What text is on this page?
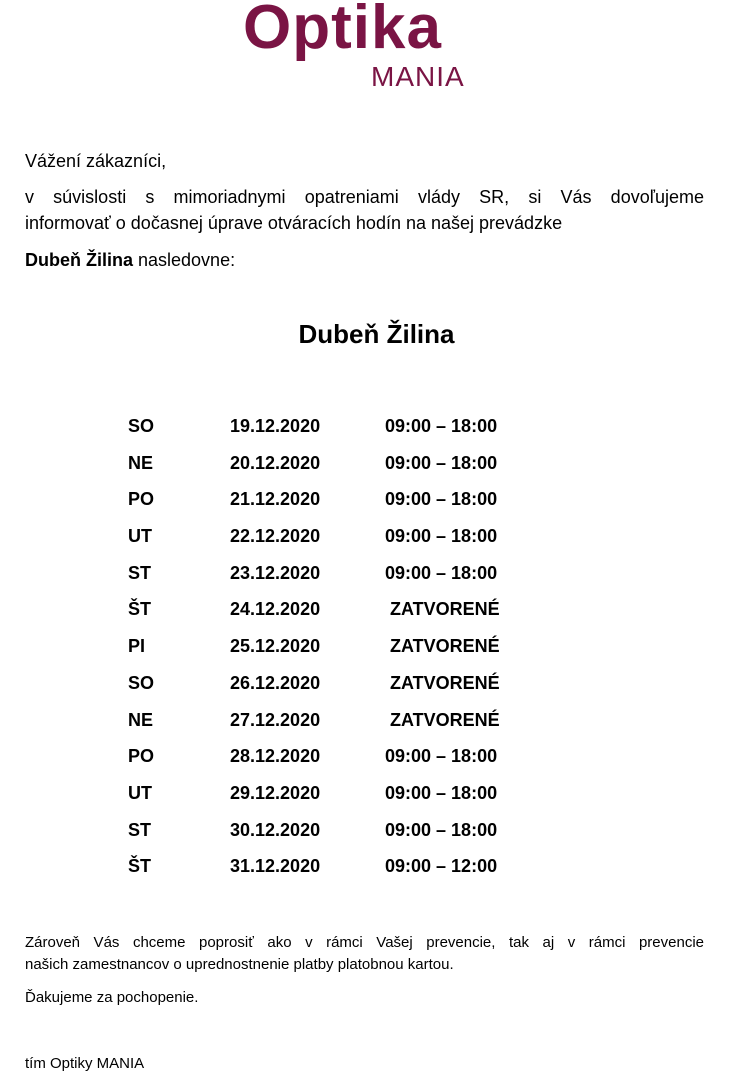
Optika
MANIA
Vážení zákazníci,
v súvislosti s mimoriadnymi opatreniami vlády SR, si Vás dovoľujeme
informovať o dočasnej úprave otváracích hodín na našej prevádzke
Dubeň Žilina nasledovne:
Dubeň Žilina
SO	19.12.2020	09:00 – 18:00
NE	20.12.2020	09:00 – 18:00
PO	21.12.2020	09:00 – 18:00
UT	22.12.2020	09:00 – 18:00
ST	23.12.2020	09:00 – 18:00
ŠT	24.12.2020	ZATVORENÉ
PI	25.12.2020	ZATVORENÉ
SO	26.12.2020	ZATVORENÉ
NE	27.12.2020	ZATVORENÉ
PO	28.12.2020	09:00 – 18:00
UT	29.12.2020	09:00 – 18:00
ST	30.12.2020	09:00 – 18:00
ŠT	31.12.2020	09:00 – 12:00
Zároveň Vás chceme poprosiť ako v rámci Vašej prevencie, tak aj v rámci prevencie
našich zamestnancov o uprednostnenie platby platobnou kartou.
Ďakujeme za pochopenie.
tím Optiky MANIA
